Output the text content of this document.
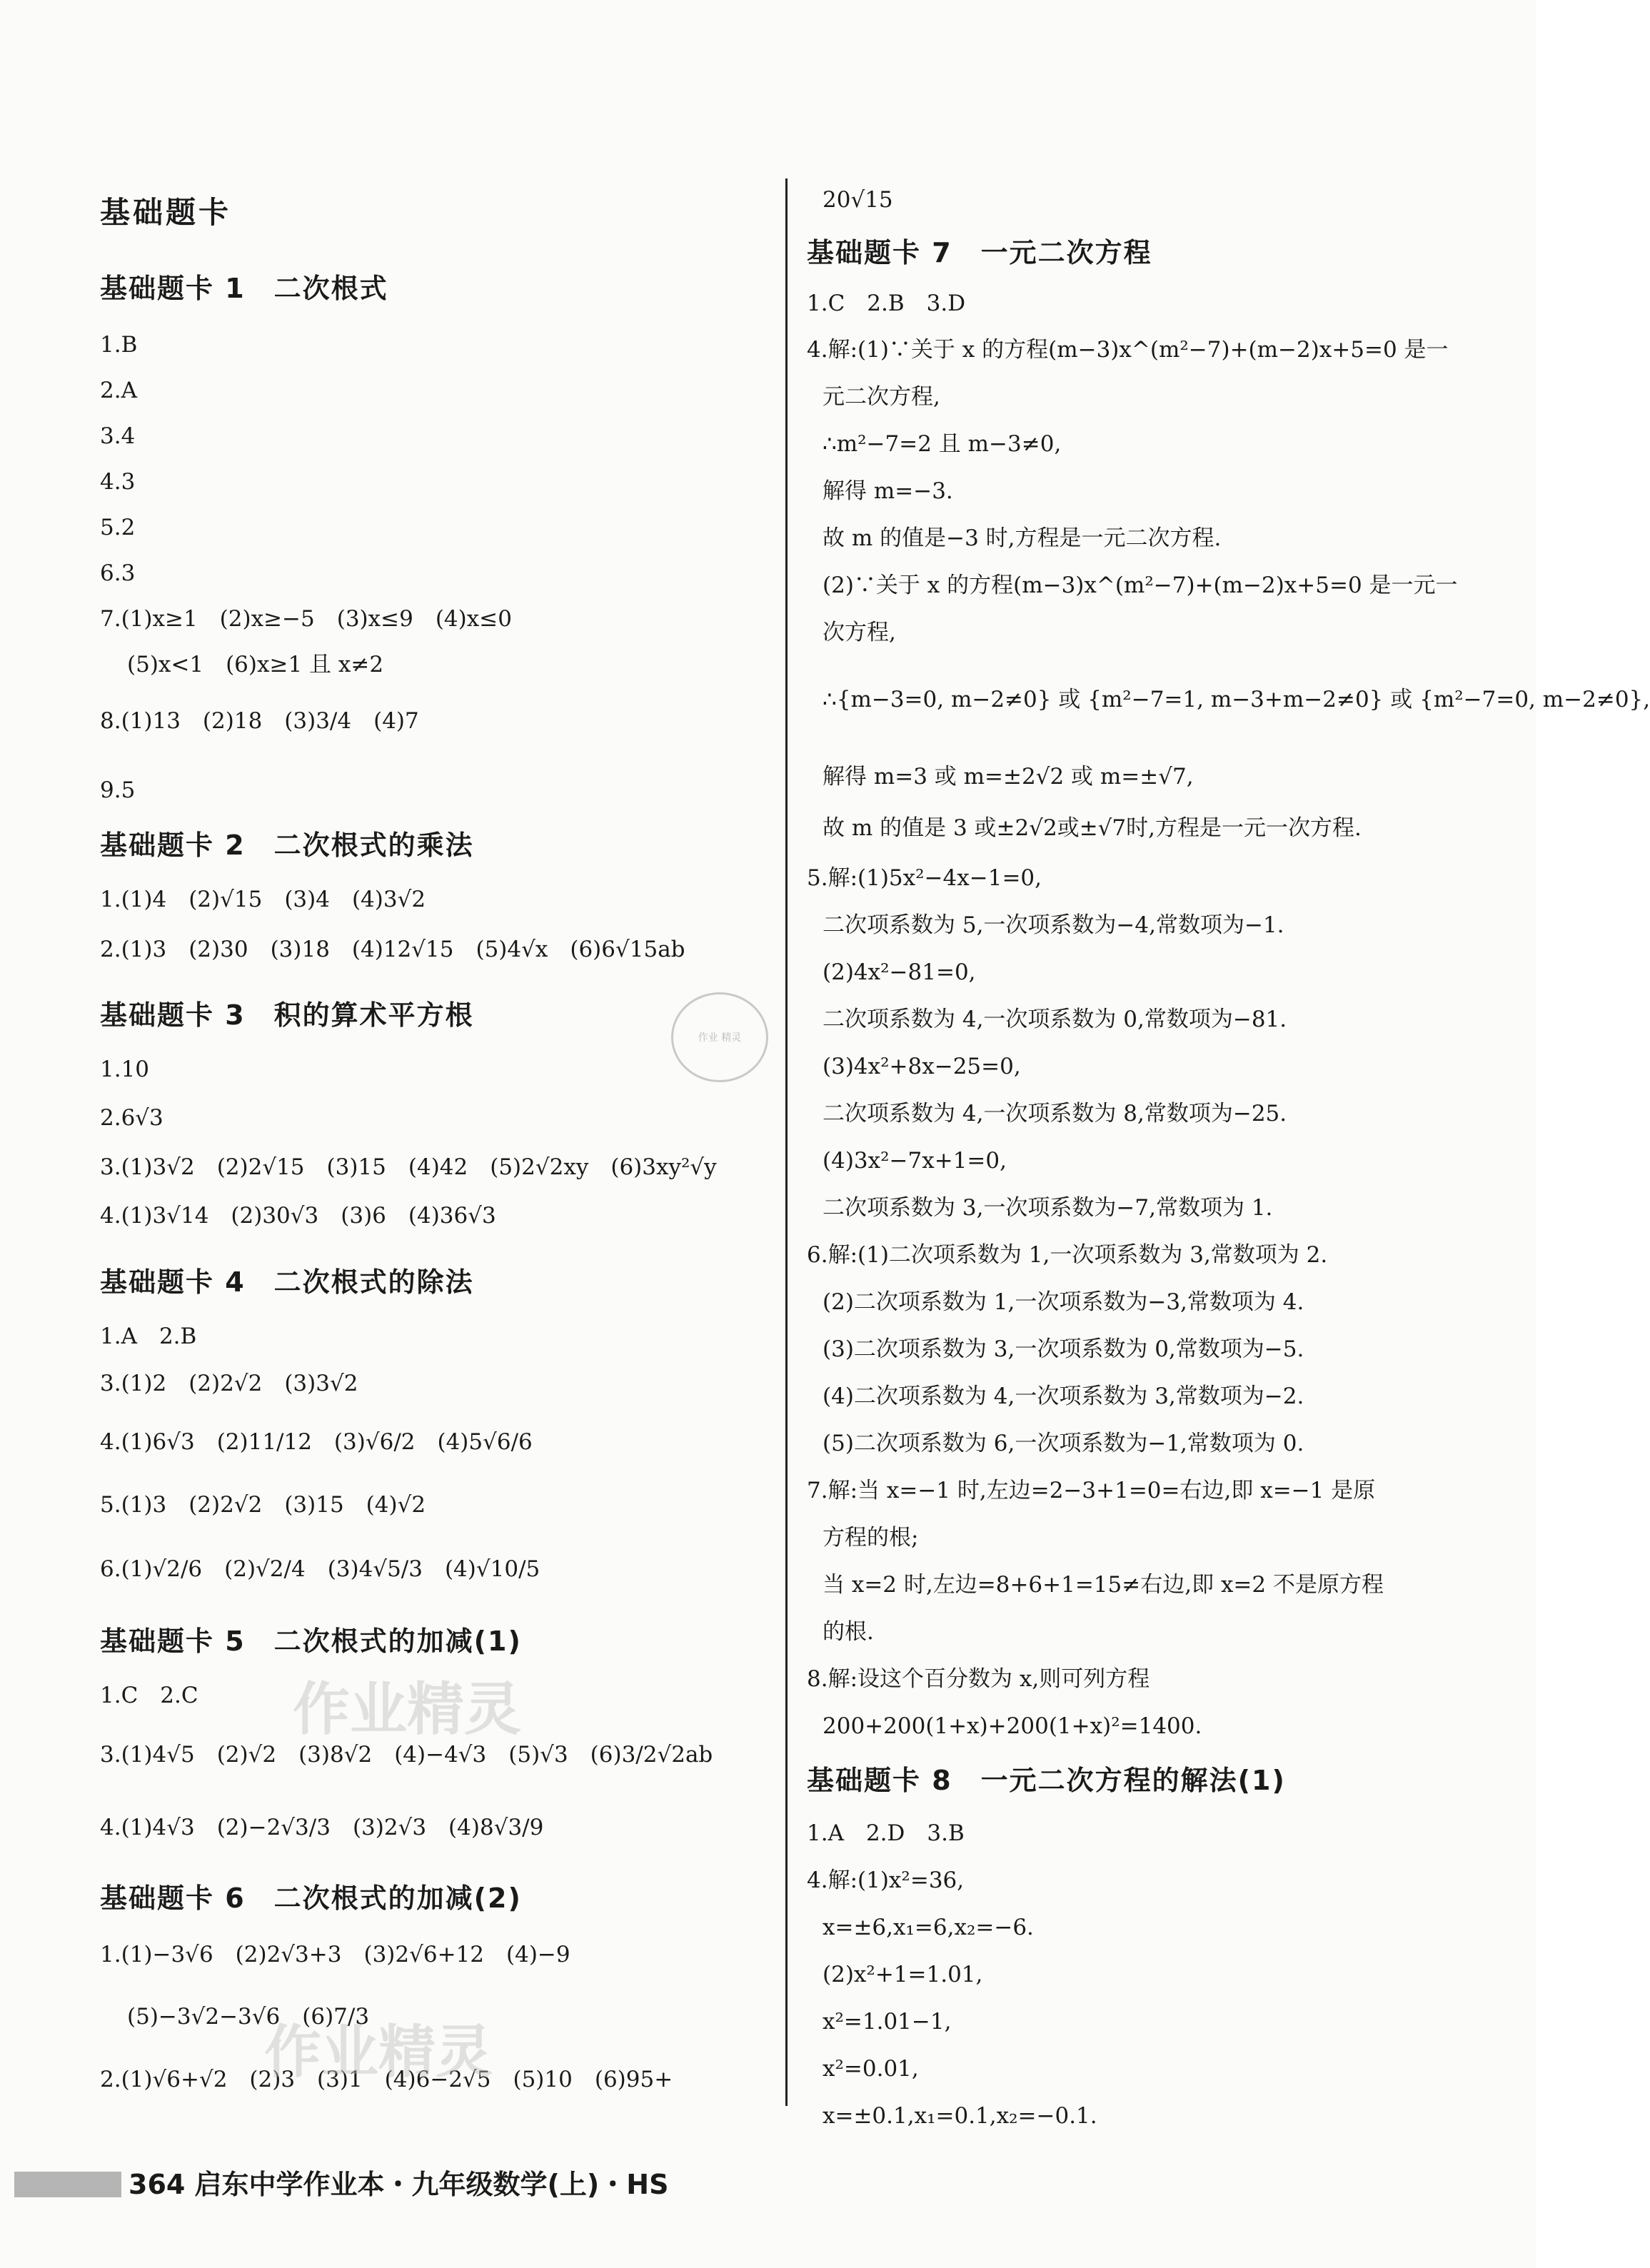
基础题卡
基础题卡 1　二次根式
1.B
2.A
3.4
4.3
5.2
6.3
7.(1)x≥1　(2)x≥−5　(3)x≤9　(4)x≤0
(5)x<1　(6)x≥1 且 x≠2
8.(1)13　(2)18　(3)3/4　(4)7
9.5
基础题卡 2　二次根式的乘法
1.(1)4　(2)√15　(3)4　(4)3√2
2.(1)3　(2)30　(3)18　(4)12√15　(5)4√x　(6)6√15ab
基础题卡 3　积的算术平方根
1.10
2.6√3
3.(1)3√2　(2)2√15　(3)15　(4)42　(5)2√2xy　(6)3xy²√y
4.(1)3√14　(2)30√3　(3)6　(4)36√3
基础题卡 4　二次根式的除法
1.A　2.B
3.(1)2　(2)2√2　(3)3√2
4.(1)6√3　(2)11/12　(3)√6/2　(4)5√6/6
5.(1)3　(2)2√2　(3)15　(4)√2
6.(1)√2/6　(2)√2/4　(3)4√5/3　(4)√10/5
基础题卡 5　二次根式的加减(1)
1.C　2.C
3.(1)4√5　(2)√2　(3)8√2　(4)−4√3　(5)√3　(6)3/2√2ab
4.(1)4√3　(2)−2√3/3　(3)2√3　(4)8√3/9
基础题卡 6　二次根式的加减(2)
1.(1)−3√6　(2)2√3+3　(3)2√6+12　(4)−9
(5)−3√2−3√6　(6)7/3
2.(1)√6+√2　(2)3　(3)1　(4)6−2√5　(5)10　(6)95+
20√15
基础题卡 7　一元二次方程
1.C　2.B　3.D
4.解:(1)∵关于 x 的方程(m−3)x^(m²−7)+(m−2)x+5=0 是一
元二次方程,
∴m²−7=2 且 m−3≠0,
解得 m=−3.
故 m 的值是−3 时,方程是一元二次方程.
(2)∵关于 x 的方程(m−3)x^(m²−7)+(m−2)x+5=0 是一元一
次方程,
∴{m−3=0, m−2≠0} 或 {m²−7=1, m−3+m−2≠0} 或 {m²−7=0, m−2≠0},
解得 m=3 或 m=±2√2 或 m=±√7,
故 m 的值是 3 或±2√2或±√7时,方程是一元一次方程.
5.解:(1)5x²−4x−1=0,
二次项系数为 5,一次项系数为−4,常数项为−1.
(2)4x²−81=0,
二次项系数为 4,一次项系数为 0,常数项为−81.
(3)4x²+8x−25=0,
二次项系数为 4,一次项系数为 8,常数项为−25.
(4)3x²−7x+1=0,
二次项系数为 3,一次项系数为−7,常数项为 1.
6.解:(1)二次项系数为 1,一次项系数为 3,常数项为 2.
(2)二次项系数为 1,一次项系数为−3,常数项为 4.
(3)二次项系数为 3,一次项系数为 0,常数项为−5.
(4)二次项系数为 4,一次项系数为 3,常数项为−2.
(5)二次项系数为 6,一次项系数为−1,常数项为 0.
7.解:当 x=−1 时,左边=2−3+1=0=右边,即 x=−1 是原
方程的根;
当 x=2 时,左边=8+6+1=15≠右边,即 x=2 不是原方程
的根.
8.解:设这个百分数为 x,则可列方程
200+200(1+x)+200(1+x)²=1400.
基础题卡 8　一元二次方程的解法(1)
1.A　2.D　3.B
4.解:(1)x²=36,
x=±6,x₁=6,x₂=−6.
(2)x²+1=1.01,
x²=1.01−1,
x²=0.01,
x=±0.1,x₁=0.1,x₂=−0.1.
作业 精灵
作业精灵
作业精灵
364 启东中学作业本・九年级数学(上)・HS
